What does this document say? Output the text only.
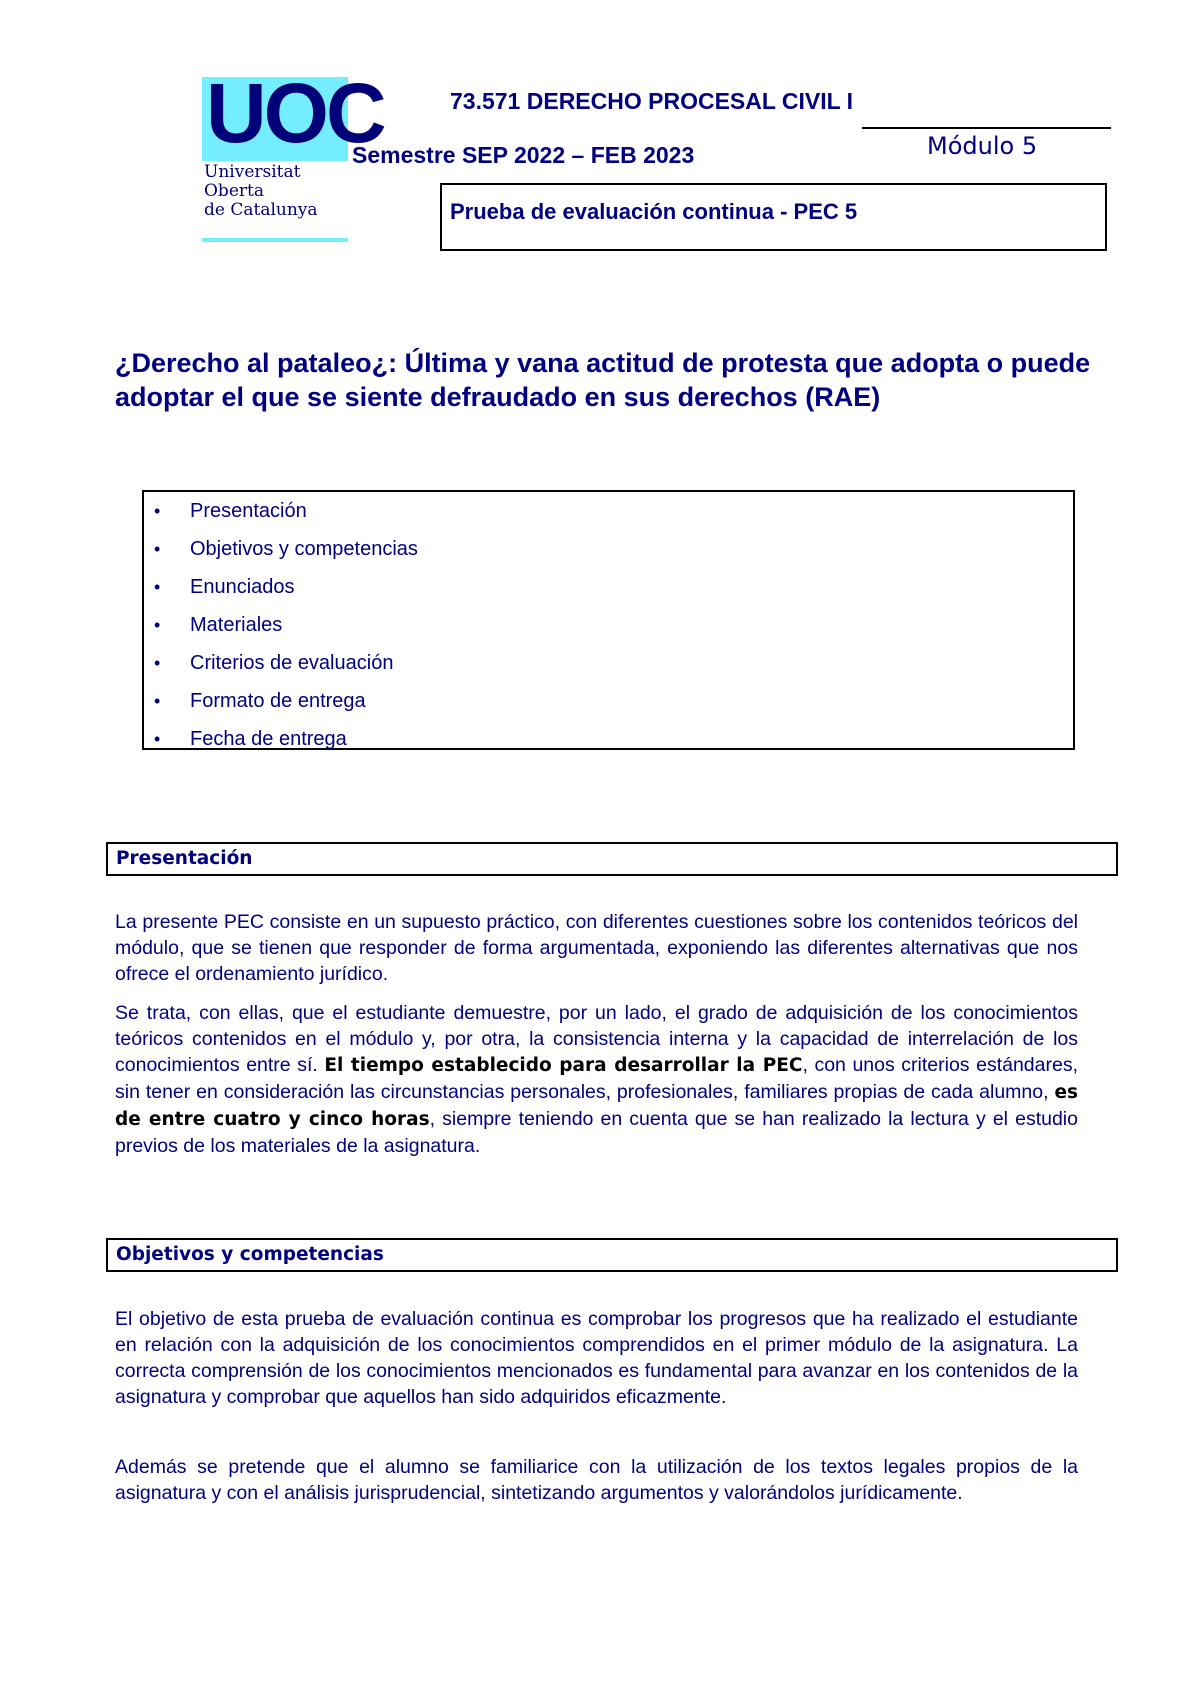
UOC
Universitat
Oberta
de Catalunya
73.571 DERECHO PROCESAL CIVIL I
Semestre SEP 2022 – FEB 2023	Módulo 5
Prueba de evaluación continua - PEC 5
¿Derecho al pataleo¿: Última y vana actitud de protesta que adopta o puede adoptar el que se siente defraudado en sus derechos (RAE)
• Presentación
• Objetivos y competencias
• Enunciados
• Materiales
• Criterios de evaluación
• Formato de entrega
• Fecha de entrega
Presentación
La presente PEC consiste en un supuesto práctico, con diferentes cuestiones sobre los contenidos teóricos del módulo, que se tienen que responder de forma argumentada, exponiendo las diferentes alternativas que nos ofrece el ordenamiento jurídico.
Se trata, con ellas, que el estudiante demuestre, por un lado, el grado de adquisición de los conocimientos teóricos contenidos en el módulo y, por otra, la consistencia interna y la capacidad de interrelación de los conocimientos entre sí. El tiempo establecido para desarrollar la PEC, con unos criterios estándares, sin tener en consideración las circunstancias personales, profesionales, familiares propias de cada alumno, es de entre cuatro y cinco horas, siempre teniendo en cuenta que se han realizado la lectura y el estudio previos de los materiales de la asignatura.
Objetivos y competencias
El objetivo de esta prueba de evaluación continua es comprobar los progresos que ha realizado el estudiante en relación con la adquisición de los conocimientos comprendidos en el primer módulo de la asignatura. La correcta comprensión de los conocimientos mencionados es fundamental para avanzar en los contenidos de la asignatura y comprobar que aquellos han sido adquiridos eficazmente.
Además se pretende que el alumno se familiarice con la utilización de los textos legales propios de la asignatura y con el análisis jurisprudencial, sintetizando argumentos y valorándolos jurídicamente.
